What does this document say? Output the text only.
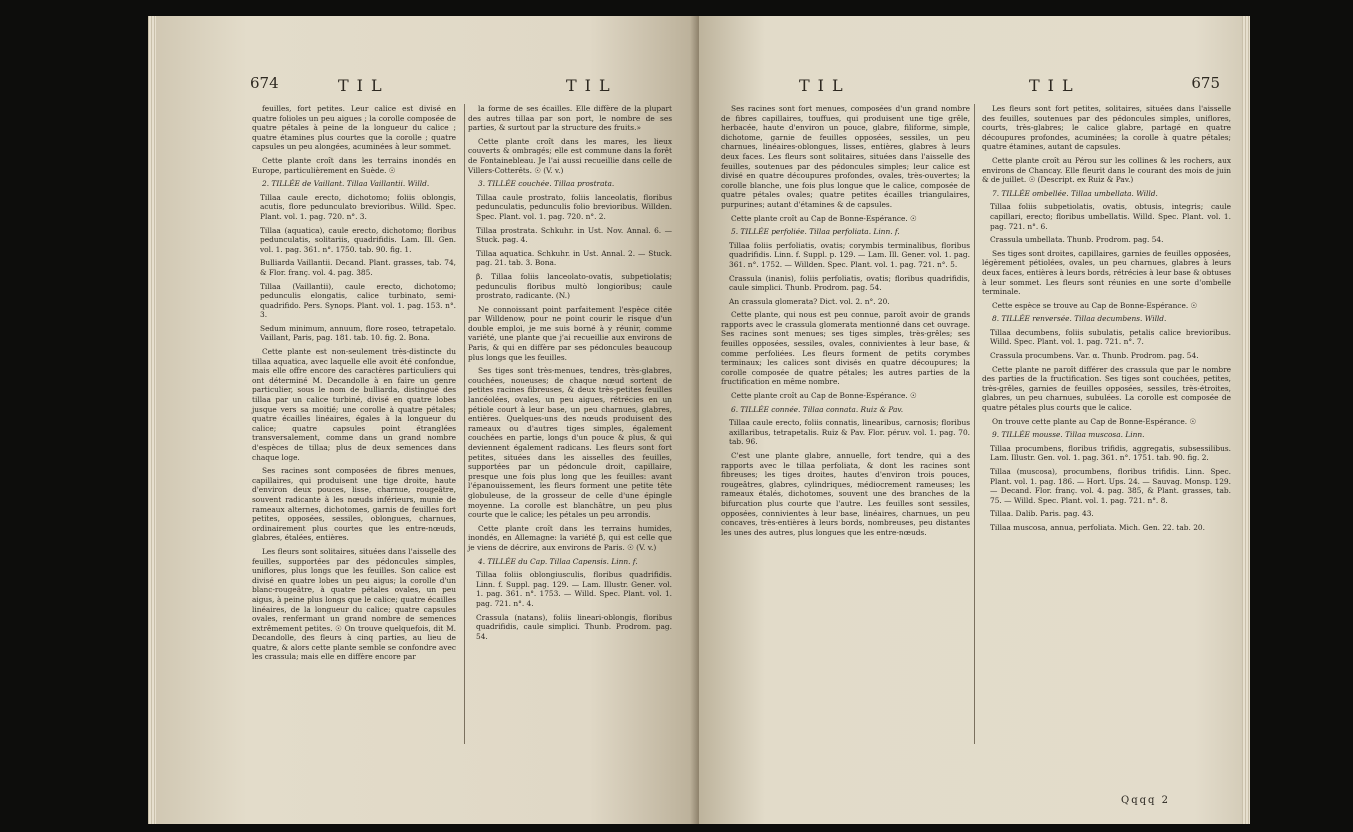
674	TIL	TIL

feuilles, fort petites. Leur calice est divisé en quatre folioles un peu aigues ; la corolle composée de quatre pétales à peine de la longueur du calice ; quatre étamines plus courtes que la corolle ; quatre capsules un peu alongées, acuminées à leur sommet.

Cette plante croît dans les terrains inondés en Europe, particulièrement en Suède. ☉

2. TILLÉE de Vaillant. Tillaa Vaillantii. Willd.

Tillaa caule erecto, dichotomo; foliis oblongis, acutis, flore pedunculato brevioribus. Willd. Spec. Plant. vol. 1. pag. 720. n°. 3.

Tillaa (aquatica), caule erecto, dichotomo; floribus pedunculatis, solitariis, quadrifidis. Lam. Ill. Gen. vol. 1. pag. 361. n°. 1750. tab. 90. fig. 1.

Bulliarda Vaillantii. Decand. Plant. grasses, tab. 74, & Flor. franç. vol. 4. pag. 385.

Tillaa (Vaillantii), caule erecto, dichotomo; pedunculis elongatis, calice turbinato, semi-quadrifido. Pers. Synops. Plant. vol. 1. pag. 153. n°. 3.

Sedum minimum, annuum, flore roseo, tetrapetalo. Vaillant, Paris, pag. 181. tab. 10. fig. 2. Bona.

Cette plante est non-seulement très-distincte du tillaa aquatica, avec laquelle elle avoit été confondue, mais elle offre encore des caractères particuliers qui ont déterminé M. Decandolle à en faire un genre particulier, sous le nom de bulliarda, distingué des tillaa par un calice turbiné, divisé en quatre lobes jusque vers sa moitié; une corolle à quatre pétales; quatre écailles linéaires, égales à la longueur du calice; quatre capsules point étranglées transversalement, comme dans un grand nombre d'espèces de tillaa; plus de deux semences dans chaque loge.

Ses racines sont composées de fibres menues, capillaires, qui produisent une tige droite, haute d'environ deux pouces, lisse, charnue, rougeâtre, souvent radicante à les nœuds inférieurs, munie de rameaux alternes, dichotomes, garnis de feuilles fort petites, opposées, sessiles, oblongues, charnues, ordinairement plus courtes que les entre-nœuds, glabres, étalées, entières.

Les fleurs sont solitaires, situées dans l'aisselle des feuilles, supportées par des pédoncules simples, uniflores, plus longs que les feuilles. Son calice est divisé en quatre lobes un peu aigus; la corolle d'un blanc-rougeâtre, à quatre pétales ovales, un peu aigus, à peine plus longs que le calice; quatre écailles linéaires, de la longueur du calice; quatre capsules ovales, renfermant un grand nombre de semences extrêmement petites. ☉ On trouve quelquefois, dit M. Decandolle, des fleurs à cinq parties, au lieu de quatre, & alors cette plante semble se confondre avec les crassula; mais elle en diffère encore par

la forme de ses écailles. Elle diffère de la plupart des autres tillaa par son port, le nombre de ses parties, & surtout par la structure des fruits.»

Cette plante croît dans les mares, les lieux couverts & ombragés; elle est commune dans la forêt de Fontainebleau. Je l'ai aussi recueillie dans celle de Villers-Cotterêts. ☉ (V. v.)

3. TILLÉE couchée. Tillaa prostrata.

Tillaa caule prostrato, foliis lanceolatis, floribus pedunculatis, pedunculis folio brevioribus. Willden. Spec. Plant. vol. 1. pag. 720. n°. 2.

Tillaa prostrata. Schkuhr. in Ust. Nov. Annal. 6. — Stuck. pag. 4.

Tillaa aquatica. Schkuhr. in Ust. Annal. 2. — Stuck. pag. 21. tab. 3. Bona.

β. Tillaa foliis lanceolato-ovatis, subpetiolatis; pedunculis floribus multò longioribus; caule prostrato, radicante. (N.)

Ne connoissant point parfaitement l'espèce citée par Willdenow, pour ne point courir le risque d'un double emploi, je me suis borné à y réunir, comme variété, une plante que j'ai recueillie aux environs de Paris, & qui en diffère par ses pédoncules beaucoup plus longs que les feuilles.

Ses tiges sont très-menues, tendres, très-glabres, couchées, noueuses; de chaque nœud sortent de petites racines fibreuses, & deux très-petites feuilles lancéolées, ovales, un peu aigues, rétrécies en un pétiole court à leur base, un peu charnues, glabres, entières. Quelques-uns des nœuds produisent des rameaux ou d'autres tiges simples, également couchées en partie, longs d'un pouce & plus, & qui deviennent également radicans. Les fleurs sont fort petites, situées dans les aisselles des feuilles, supportées par un pédoncule droit, capillaire, presque une fois plus long que les feuilles: avant l'épanouissement, les fleurs forment une petite tête globuleuse, de la grosseur de celle d'une épingle moyenne. La corolle est blanchâtre, un peu plus courte que le calice; les pétales un peu arrondis.

Cette plante croît dans les terrains humides, inondés, en Allemagne: la variété β, qui est celle que je viens de décrire, aux environs de Paris. ☉ (V. v.)

4. TILLÉE du Cap. Tillaa Capensis. Linn. f.

Tillaa foliis oblongiusculis, floribus quadrifidis. Linn. f. Suppl. pag. 129. — Lam. Illustr. Gener. vol. 1. pag. 361. n°. 1753. — Willd. Spec. Plant. vol. 1. pag. 721. n°. 4.

Crassula (natans), foliis lineari-oblongis, floribus quadrifidis, caule simplici. Thunb. Prodrom. pag. 54.

TIL	TIL	675

Ses racines sont fort menues, composées d'un grand nombre de fibres capillaires, touffues, qui produisent une tige grêle, herbacée, haute d'environ un pouce, glabre, filiforme, simple, dichotome, garnie de feuilles opposées, sessiles, un peu charnues, linéaires-oblongues, lisses, entières, glabres à leurs deux faces. Les fleurs sont solitaires, situées dans l'aisselle des feuilles, soutenues par des pédoncules simples; leur calice est divisé en quatre découpures profondes, ovales, très-ouvertes; la corolle blanche, une fois plus longue que le calice, composée de quatre pétales ovales; quatre petites écailles triangulaires, purpurines; autant d'étamines & de capsules.

Cette plante croît au Cap de Bonne-Espérance. ☉

5. TILLÉE perfoliée. Tillaa perfoliata. Linn. f.

Tillaa foliis perfoliatis, ovatis; corymbis terminalibus, floribus quadrifidis. Linn. f. Suppl. p. 129. — Lam. Ill. Gener. vol. 1. pag. 361. n°. 1752. — Willden. Spec. Plant. vol. 1. pag. 721. n°. 5.

Crassula (inanis), foliis perfoliatis, ovatis; floribus quadrifidis, caule simplici. Thunb. Prodrom. pag. 54.

An crassula glomerata? Dict. vol. 2. n°. 20.

Cette plante, qui nous est peu connue, paroît avoir de grands rapports avec le crassula glomerata mentionné dans cet ouvrage. Ses racines sont menues; ses tiges simples, très-grêles; ses feuilles opposées, sessiles, ovales, connivientes à leur base, & comme perfoliées. Les fleurs forment de petits corymbes terminaux; les calices sont divisés en quatre découpures; la corolle composée de quatre pétales; les autres parties de la fructification en même nombre.

Cette plante croît au Cap de Bonne-Espérance. ☉

6. TILLÉE connée. Tillaa connata. Ruiz & Pav.

Tillaa caule erecto, foliis connatis, linearibus, carnosis; floribus axillaribus, tetrapetalis. Ruiz & Pav. Flor. péruv. vol. 1. pag. 70. tab. 96.

C'est une plante glabre, annuelle, fort tendre, qui a des rapports avec le tillaa perfoliata, & dont les racines sont fibreuses; les tiges droites, hautes d'environ trois pouces, rougeâtres, glabres, cylindriques, médiocrement rameuses; les rameaux étalés, dichotomes, souvent une des branches de la bifurcation plus courte que l'autre. Les feuilles sont sessiles, opposées, connivientes à leur base, linéaires, charnues, un peu concaves, très-entières à leurs bords, nombreuses, peu distantes les unes des autres, plus longues que les entre-nœuds.

Les fleurs sont fort petites, solitaires, situées dans l'aisselle des feuilles, soutenues par des pédoncules simples, uniflores, courts, très-glabres; le calice glabre, partagé en quatre découpures profondes, acuminées; la corolle à quatre pétales; quatre étamines, autant de capsules.

Cette plante croît au Pérou sur les collines & les rochers, aux environs de Chancay. Elle fleurit dans le courant des mois de juin & de juillet. ☉ (Descript. ex Ruiz & Pav.)

7. TILLÉE ombellée. Tillaa umbellata. Willd.

Tillaa foliis subpetiolatis, ovatis, obtusis, integris; caule capillari, erecto; floribus umbellatis. Willd. Spec. Plant. vol. 1. pag. 721. n°. 6.

Crassula umbellata. Thunb. Prodrom. pag. 54.

Ses tiges sont droites, capillaires, garnies de feuilles opposées, légèrement pétiolées, ovales, un peu charnues, glabres à leurs deux faces, entières à leurs bords, rétrécies à leur base & obtuses à leur sommet. Les fleurs sont réunies en une sorte d'ombelle terminale.

Cette espèce se trouve au Cap de Bonne-Espérance. ☉

8. TILLÉE renversée. Tillaa decumbens. Willd.

Tillaa decumbens, foliis subulatis, petalis calice brevioribus. Willd. Spec. Plant. vol. 1. pag. 721. n°. 7.

Crassula procumbens. Var. α. Thunb. Prodrom. pag. 54.

Cette plante ne paroît différer des crassula que par le nombre des parties de la fructification. Ses tiges sont couchées, petites, très-grêles, garnies de feuilles opposées, sessiles, très-étroites, glabres, un peu charnues, subulées. La corolle est composée de quatre pétales plus courts que le calice.

On trouve cette plante au Cap de Bonne-Espérance. ☉

9. TILLÉE mousse. Tillaa muscosa. Linn.

Tillaa procumbens, floribus trifidis, aggregatis, subsessilibus. Lam. Illustr. Gen. vol. 1. pag. 361. n°. 1751. tab. 90. fig. 2.

Tillaa (muscosa), procumbens, floribus trifidis. Linn. Spec. Plant. vol. 1. pag. 186. — Hort. Ups. 24. — Sauvag. Monsp. 129. — Decand. Flor. franç. vol. 4. pag. 385, & Plant. grasses, tab. 75. — Willd. Spec. Plant. vol. 1. pag. 721. n°. 8.

Tillaa. Dalib. Paris. pag. 43.

Tillaa muscosa, annua, perfoliata. Mich. Gen. 22. tab. 20.

Qqqq 2
